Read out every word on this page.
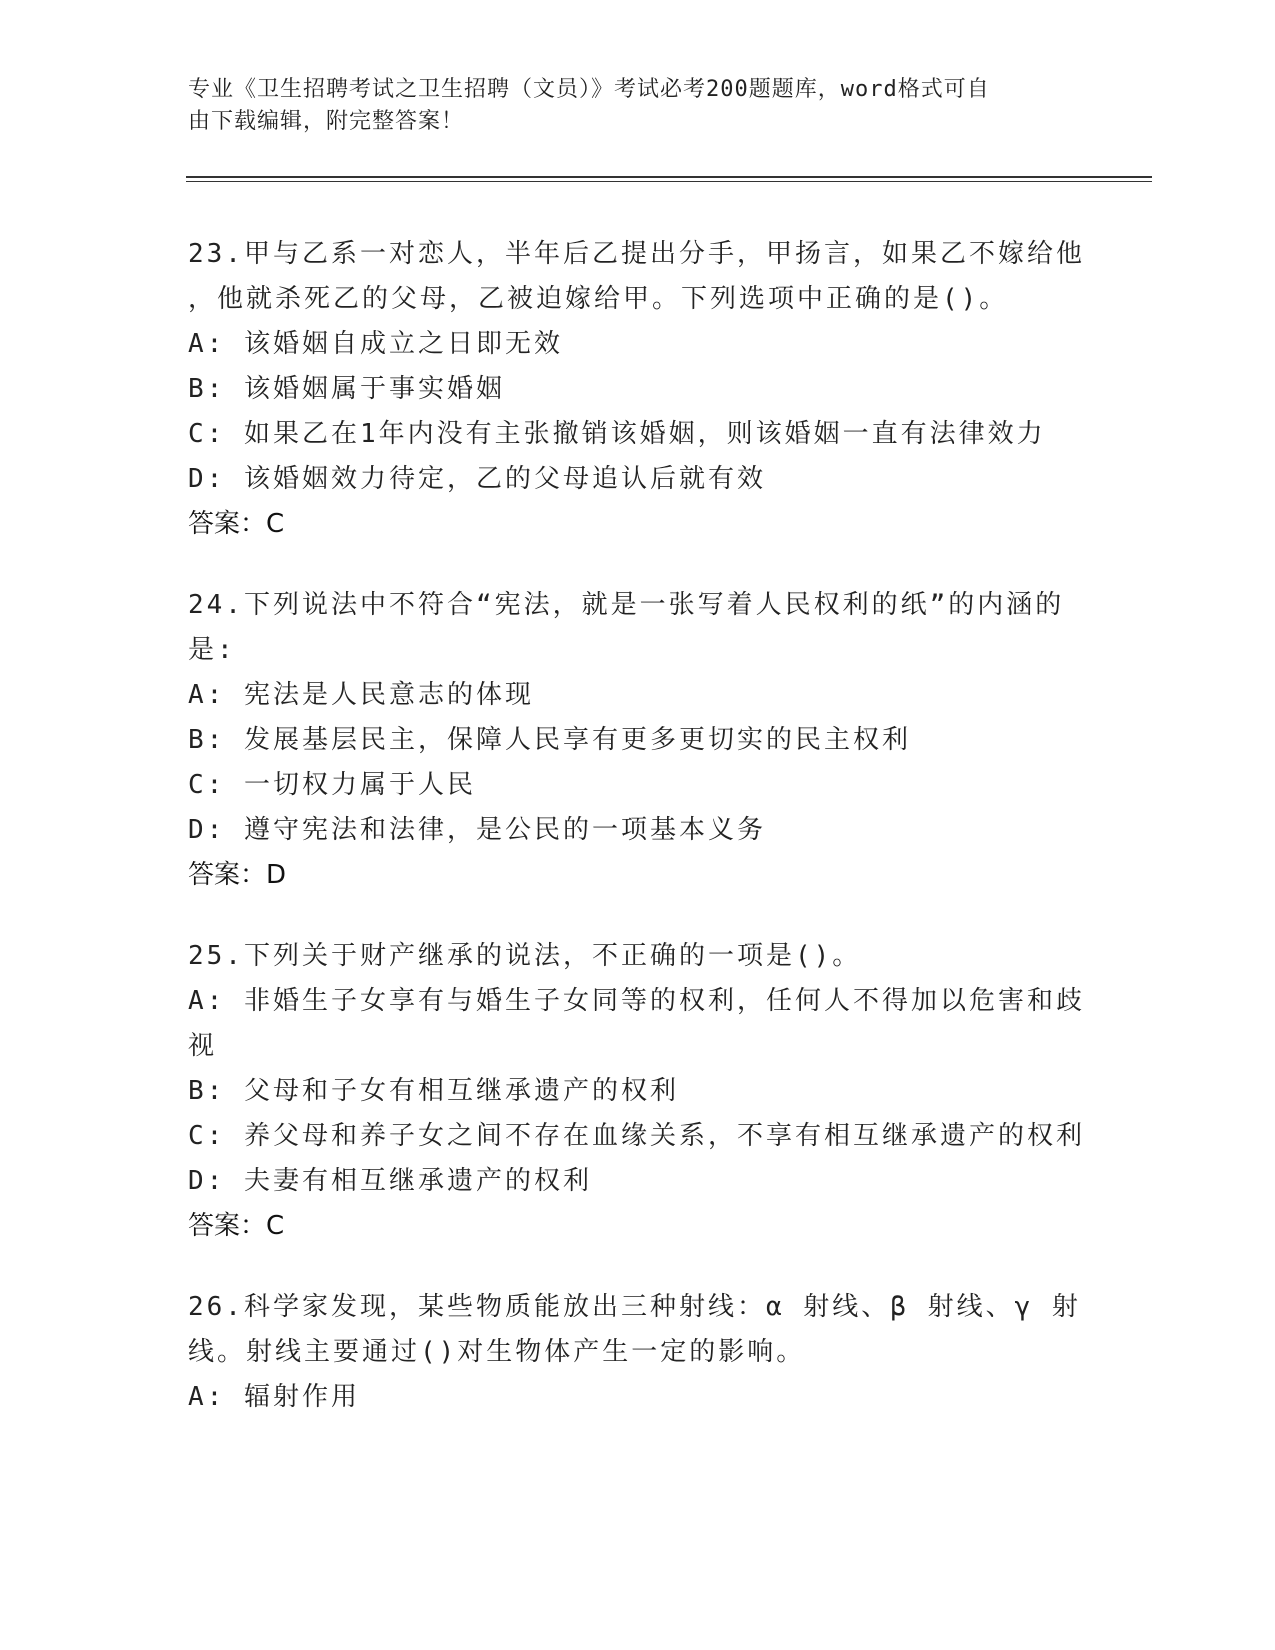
专业《卫生招聘考试之卫生招聘（文员）》考试必考200题题库，word格式可自
由下载编辑，附完整答案！
23.甲与乙系一对恋人，半年后乙提出分手，甲扬言，如果乙不嫁给他
，他就杀死乙的父母，乙被迫嫁给甲。下列选项中正确的是()。
A: 该婚姻自成立之日即无效
B: 该婚姻属于事实婚姻
C: 如果乙在1年内没有主张撤销该婚姻，则该婚姻一直有法律效力
D: 该婚姻效力待定，乙的父母追认后就有效
答案：C
24.下列说法中不符合“宪法，就是一张写着人民权利的纸”的内涵的
是:
A: 宪法是人民意志的体现
B: 发展基层民主，保障人民享有更多更切实的民主权利
C: 一切权力属于人民
D: 遵守宪法和法律，是公民的一项基本义务
答案：D
25.下列关于财产继承的说法，不正确的一项是()。
A: 非婚生子女享有与婚生子女同等的权利，任何人不得加以危害和歧
视
B: 父母和子女有相互继承遗产的权利
C: 养父母和养子女之间不存在血缘关系，不享有相互继承遗产的权利
D: 夫妻有相互继承遗产的权利
答案：C
26.科学家发现，某些物质能放出三种射线：α 射线、β 射线、γ 射
线。射线主要通过()对生物体产生一定的影响。
A: 辐射作用
